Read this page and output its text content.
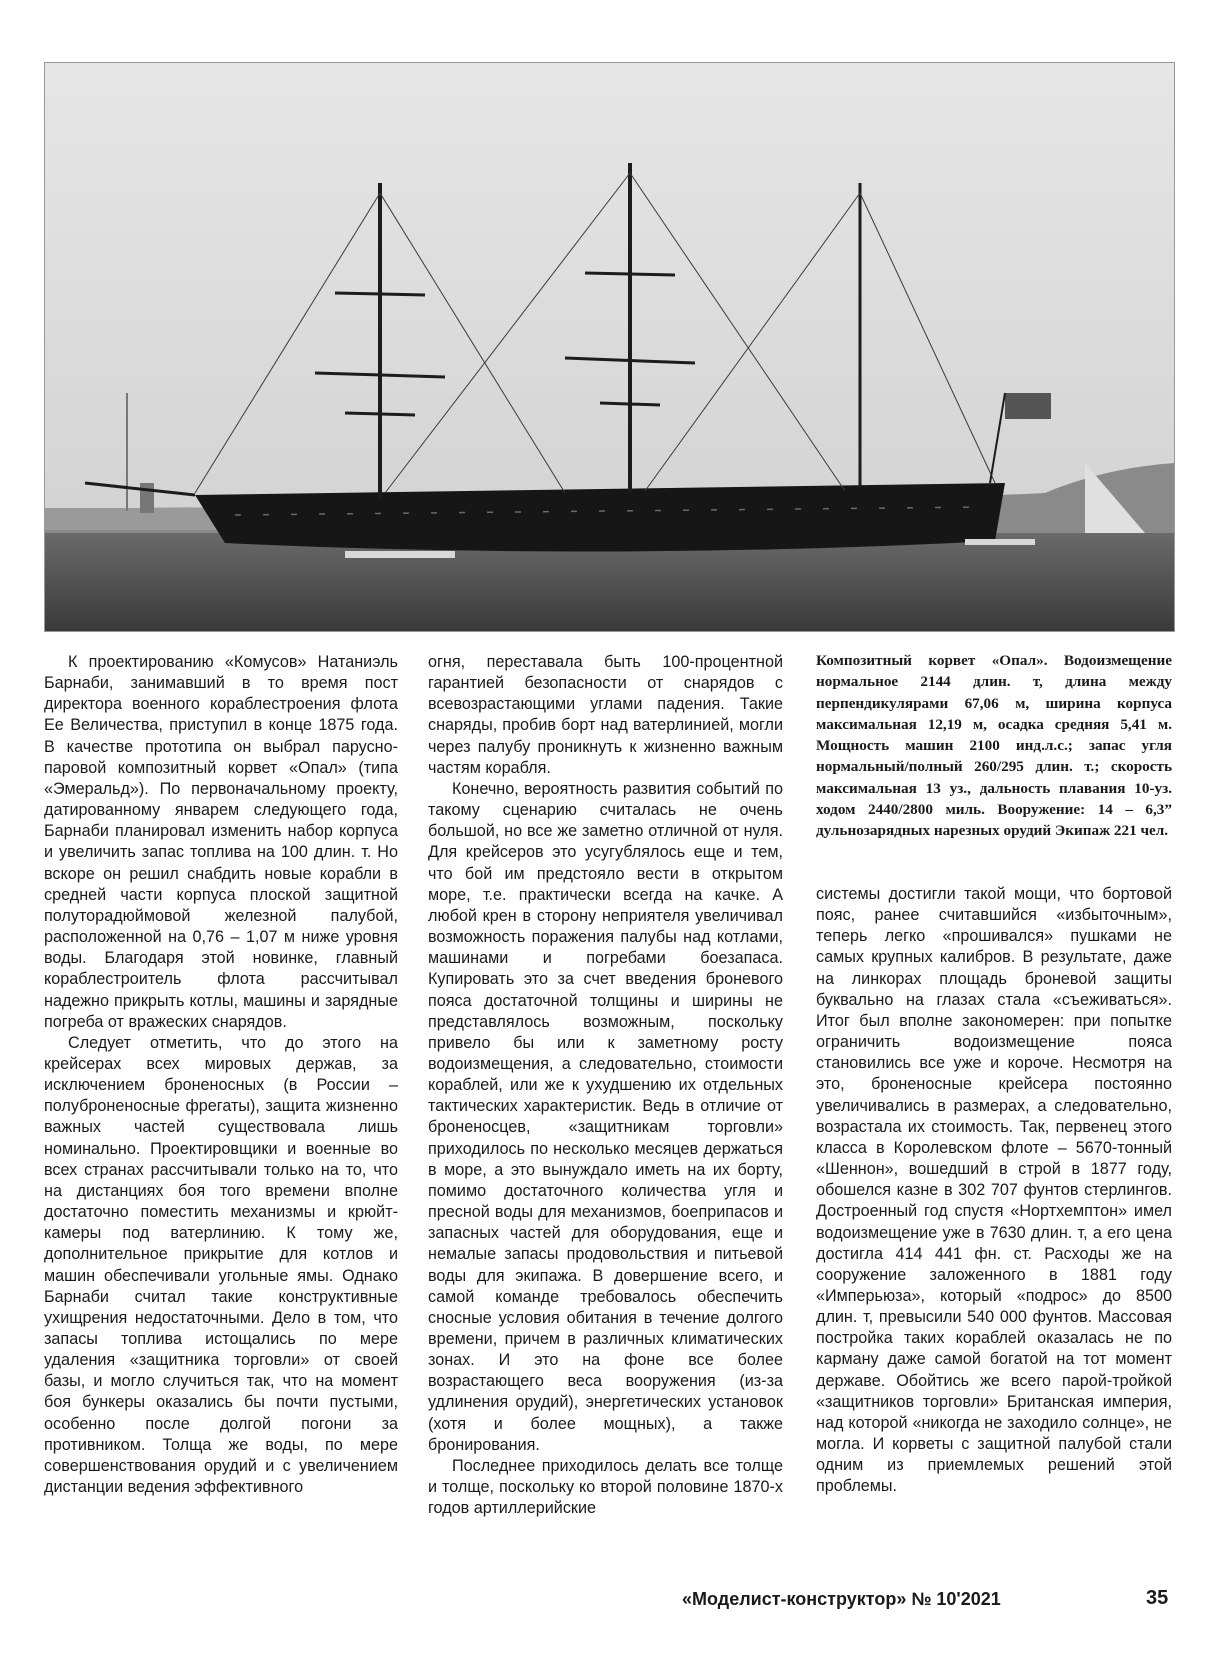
К проектированию «Комусов» Натаниэль Барнаби, занимавший в то время пост директора военного кораблестроения флота Ее Величества, приступил в конце 1875 года. В качестве прототипа он выбрал парусно-паровой композитный корвет «Опал» (типа «Эмеральд»). По первоначальному проекту, датированному январем следующего года, Барнаби планировал изменить набор корпуса и увеличить запас топлива на 100 длин. т. Но вскоре он решил снабдить новые корабли в средней части корпуса плоской защитной полуторадюймовой железной палубой, расположенной на 0,76 – 1,07 м ниже уровня воды. Благодаря этой новинке, главный кораблестроитель флота рассчитывал надежно прикрыть котлы, машины и зарядные погреба от вражеских снарядов.

Следует отметить, что до этого на крейсерах всех мировых держав, за исключением броненосных (в России – полуброненосные фрегаты), защита жизненно важных частей существовала лишь номинально. Проектировщики и военные во всех странах рассчитывали только на то, что на дистанциях боя того времени вполне достаточно поместить механизмы и крюйт-камеры под ватерлинию. К тому же, дополнительное прикрытие для котлов и машин обеспечивали угольные ямы. Однако Барнаби считал такие конструктивные ухищрения недостаточными. Дело в том, что запасы топлива истощались по мере удаления «защитника торговли» от своей базы, и могло случиться так, что на момент боя бункеры оказались бы почти пустыми, особенно после долгой погони за противником. Толща же воды, по мере совершенствования орудий и с увеличением дистанции ведения эффективного

огня, переставала быть 100-процентной гарантией безопасности от снарядов с всевозрастающими углами падения. Такие снаряды, пробив борт над ватерлинией, могли через палубу проникнуть к жизненно важным частям корабля.

Конечно, вероятность развития событий по такому сценарию считалась не очень большой, но все же заметно отличной от нуля. Для крейсеров это усугублялось еще и тем, что бой им предстояло вести в открытом море, т.е. практически всегда на качке. А любой крен в сторону неприятеля увеличивал возможность поражения палубы над котлами, машинами и погребами боезапаса. Купировать это за счет введения броневого пояса достаточной толщины и ширины не представлялось возможным, поскольку привело бы или к заметному росту водоизмещения, а следовательно, стоимости кораблей, или же к ухудшению их отдельных тактических характеристик. Ведь в отличие от броненосцев, «защитникам торговли» приходилось по несколько месяцев держаться в море, а это вынуждало иметь на их борту, помимо достаточного количества угля и пресной воды для механизмов, боеприпасов и запасных частей для оборудования, еще и немалые запасы продовольствия и питьевой воды для экипажа. В довершение всего, и самой команде требовалось обеспечить сносные условия обитания в течение долгого времени, причем в различных климатических зонах. И это на фоне все более возрастающего веса вооружения (из-за удлинения орудий), энергетических установок (хотя и более мощных), а также бронирования.

Последнее приходилось делать все толще и толще, поскольку ко второй половине 1870-х годов артиллерийские

Композитный корвет «Опал». Водоизмещение нормальное 2144 длин. т, длина между перпендикулярами 67,06 м, ширина корпуса максимальная 12,19 м, осадка средняя 5,41 м. Мощность машин 2100 инд.л.с.; запас угля нормальный/полный 260/295 длин. т.; скорость максимальная 13 уз., дальность плавания 10-уз. ходом 2440/2800 миль. Вооружение: 14 – 6,3” дульнозарядных нарезных орудий Экипаж 221 чел.

системы достигли такой мощи, что бортовой пояс, ранее считавшийся «избыточным», теперь легко «прошивался» пушками не самых крупных калибров. В результате, даже на линкорах площадь броневой защиты буквально на глазах стала «съеживаться». Итог был вполне закономерен: при попытке ограничить водоизмещение пояса становились все уже и короче. Несмотря на это, броненосные крейсера постоянно увеличивались в размерах, а следовательно, возрастала их стоимость. Так, первенец этого класса в Королевском флоте – 5670-тонный «Шеннон», вошедший в строй в 1877 году, обошелся казне в 302 707 фунтов стерлингов. Достроенный год спустя «Нортхемптон» имел водоизмещение уже в 7630 длин. т, а его цена достигла 414 441 фн. ст. Расходы же на сооружение заложенного в 1881 году «Имперьюза», который «подрос» до 8500 длин. т, превысили 540 000 фунтов. Массовая постройка таких кораблей оказалась не по карману даже самой богатой на тот момент державе. Обойтись же всего парой-тройкой «защитников торговли» Британская империя, над которой «никогда не заходило солнце», не могла. И корветы с защитной палубой стали одним из приемлемых решений этой проблемы.

«Моделист-конструктор» № 10'2021	35
